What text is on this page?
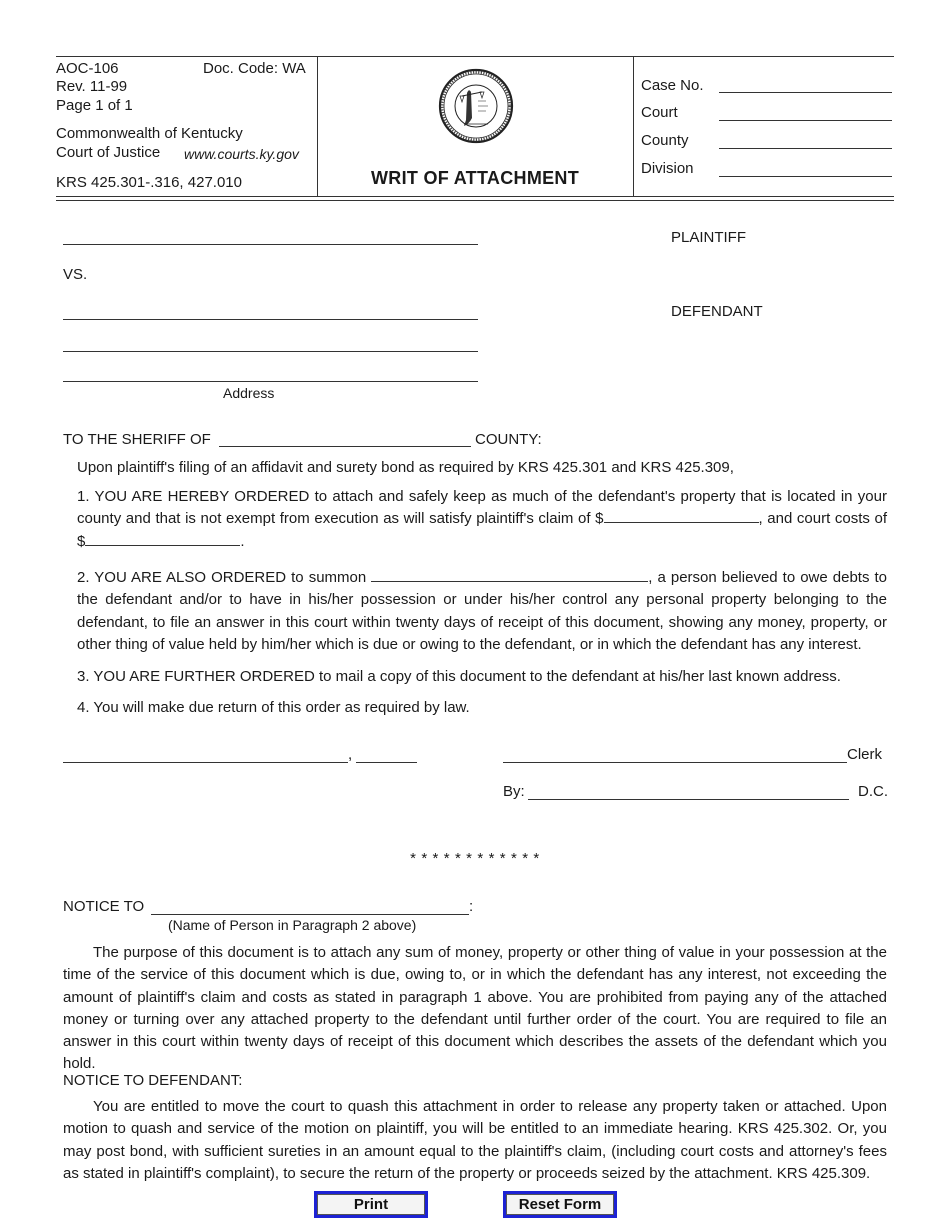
AOC-106	Doc. Code: WA
Rev. 11-99
Page 1 of 1
Commonwealth of Kentucky
Court of Justice www.courts.ky.gov
KRS 425.301-.316, 427.010	WRIT OF ATTACHMENT
Case No.
Court
County
Division
PLAINTIFF
VS.
DEFENDANT
Address
TO THE SHERIFF OF	COUNTY:
Upon plaintiff's filing of an affidavit and surety bond as required by KRS 425.301 and KRS 425.309,
1. YOU ARE HEREBY ORDERED to attach and safely keep as much of the defendant's property that is located in your county and that is not exempt from execution as will satisfy plaintiff's claim of $	, and court costs of $	.
2. YOU ARE ALSO ORDERED to summon	, a person believed to owe debts to the defendant and/or to have in his/her possession or under his/her control any personal property belonging to the defendant, to file an answer in this court within twenty days of receipt of this document, showing any money, property, or other thing of value held by him/her which is due or owing to the defendant, or in which the defendant has any interest.
3. YOU ARE FURTHER ORDERED to mail a copy of this document to the defendant at his/her last known address.
4. You will make due return of this order as required by law.
,	Clerk
By:	D.C.
* * * * * * * * * * * *
NOTICE TO	:
(Name of Person in Paragraph 2 above)
The purpose of this document is to attach any sum of money, property or other thing of value in your possession at the time of the service of this document which is due, owing to, or in which the defendant has any interest, not exceeding the amount of plaintiff's claim and costs as stated in paragraph 1 above. You are prohibited from paying any of the attached money or turning over any attached property to the defendant until further order of the court. You are required to file an answer in this court within twenty days of receipt of this document which describes the assets of the defendant which you hold.
NOTICE TO DEFENDANT:
You are entitled to move the court to quash this attachment in order to release any property taken or attached. Upon motion to quash and service of the motion on plaintiff, you will be entitled to an immediate hearing. KRS 425.302. Or, you may post bond, with sufficient sureties in an amount equal to the plaintiff's claim, (including court costs and attorney's fees as stated in plaintiff's complaint), to secure the return of the property or proceeds seized by the attachment. KRS 425.309.
Print	Reset Form
